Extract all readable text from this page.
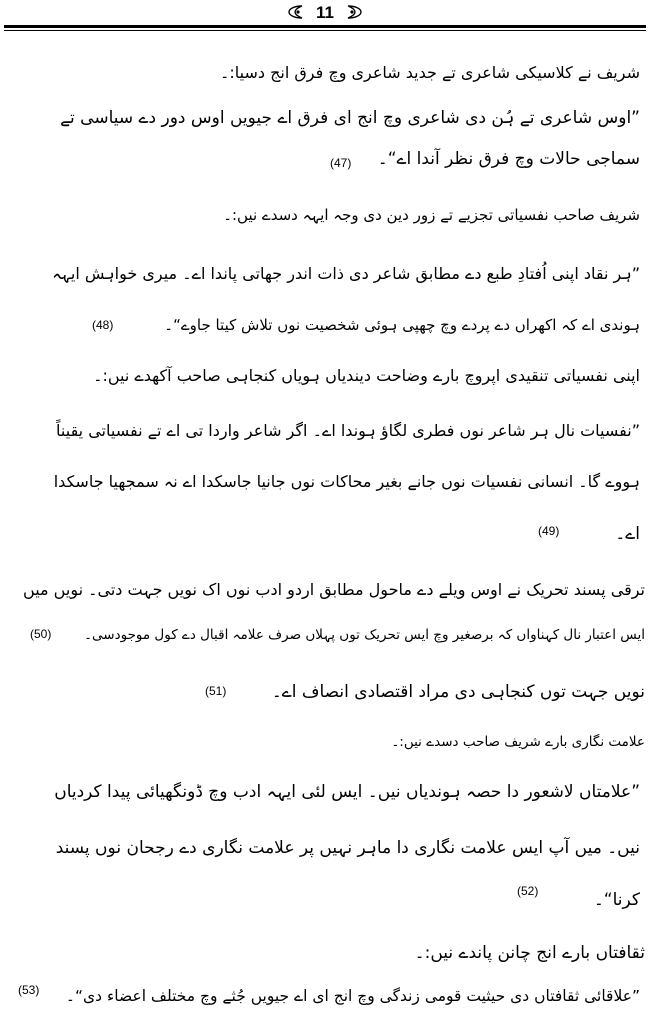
11
شریف نے کلاسیکی شاعری تے جدید شاعری وچ فرق انج دسیا:۔
”اوس شاعری تے ہُن دی شاعری وچ انج ای فرق اے جیویں اوس دور دے سیاسی تے
سماجی حالات وچ فرق نظر آندا اے“۔
(47)
شریف صاحب نفسیاتی تجزیے تے زور دین دی وجہ ایہہ دسدے نیں:۔
”ہر نقاد اپنی اُفتادِ طبع دے مطابق شاعر دی ذات اندر جھاتی پاندا اے۔ میری خواہش ایہہ
ہوندی اے کہ اکھراں دے پردے وچ چھپی ہوئی شخصیت نوں تلاش کیتا جاوے“۔
(48)
اپنی نفسیاتی تنقیدی اپروچ بارے وضاحت دیندیاں ہویاں کنجاہی صاحب آکھدے نیں:۔
”نفسیات نال ہر شاعر نوں فطری لگاؤ ہوندا اے۔ اگر شاعر واردا تی اے تے نفسیاتی یقیناً
ہووے گا۔ انسانی نفسیات نوں جانے بغیر محاکات نوں جانیا جاسکدا اے نہ سمجھیا جاسکدا
اے۔
(49)
ترقی پسند تحریک نے اوس ویلے دے ماحول مطابق اردو ادب نوں اک نویں جہت دتی۔ نویں میں
ایس اعتبار نال کہناواں کہ برصغیر وچ ایس تحریک توں پہلاں صرف علامہ اقبال دے کول موجودسی۔
(50)
نویں جہت توں کنجاہی دی مراد اقتصادی انصاف اے۔
(51)
علامت نگاری بارے شریف صاحب دسدے نیں:۔
”علامتاں لاشعور دا حصہ ہوندیاں نیں۔ ایس لئی ایہہ ادب وچ ڈونگھیائی پیدا کردیاں
نیں۔ میں آپ ایس علامت نگاری دا ماہر نہیں پر علامت نگاری دے رجحان نوں پسند
کرنا“۔
(52)
ثقافتاں بارے انج چانن پاندے نیں:۔
”علاقائی ثقافتاں دی حیثیت قومی زندگی وچ انج ای اے جیویں جُثے وچ مختلف اعضاء دی“۔
(53)
